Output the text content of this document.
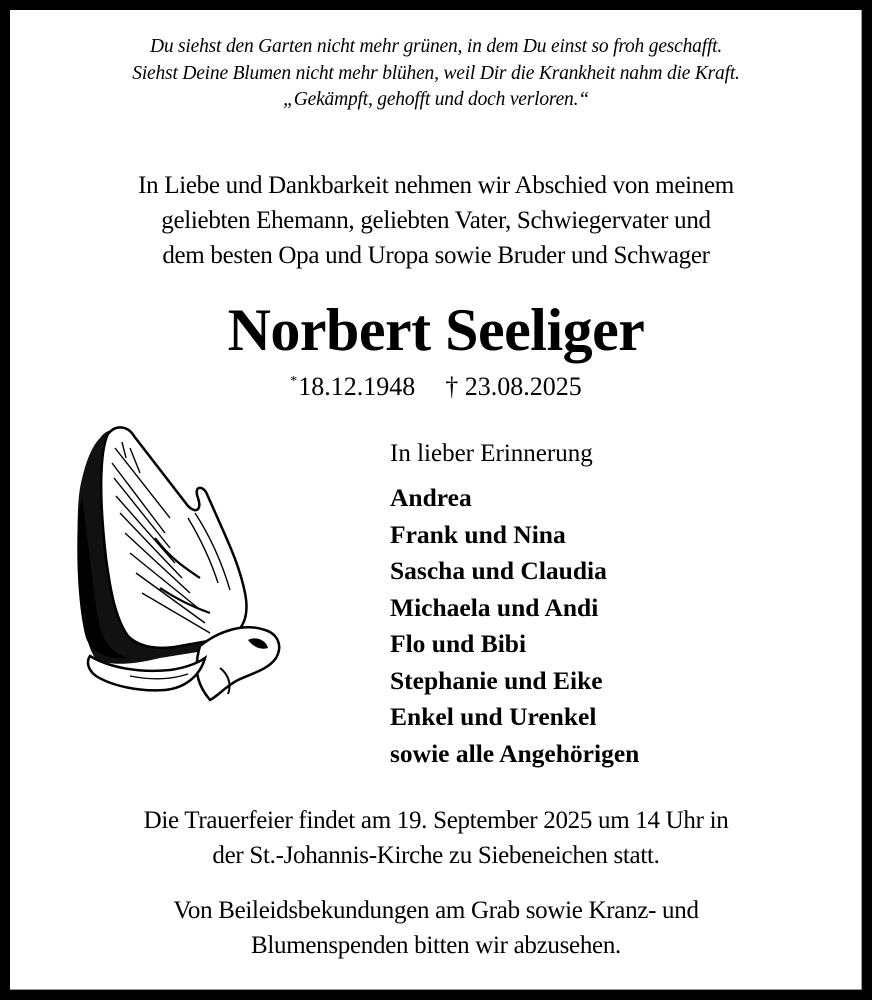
Du siehst den Garten nicht mehr grünen, in dem Du einst so froh geschafft.
Siehst Deine Blumen nicht mehr blühen, weil Dir die Krankheit nahm die Kraft.
„Gekämpft, gehofft und doch verloren.“
In Liebe und Dankbarkeit nehmen wir Abschied von meinem
geliebten Ehemann, geliebten Vater, Schwiegervater und
dem besten Opa und Uropa sowie Bruder und Schwager
Norbert Seeliger
*18.12.1948 † 23.08.2025
In lieber Erinnerung
Andrea
Frank und Nina
Sascha und Claudia
Michaela und Andi
Flo und Bibi
Stephanie und Eike
Enkel und Urenkel
sowie alle Angehörigen
Die Trauerfeier findet am 19. September 2025 um 14 Uhr in
der St.-Johannis-Kirche zu Siebeneichen statt.
Von Beileidsbekundungen am Grab sowie Kranz- und
Blumenspenden bitten wir abzusehen.
